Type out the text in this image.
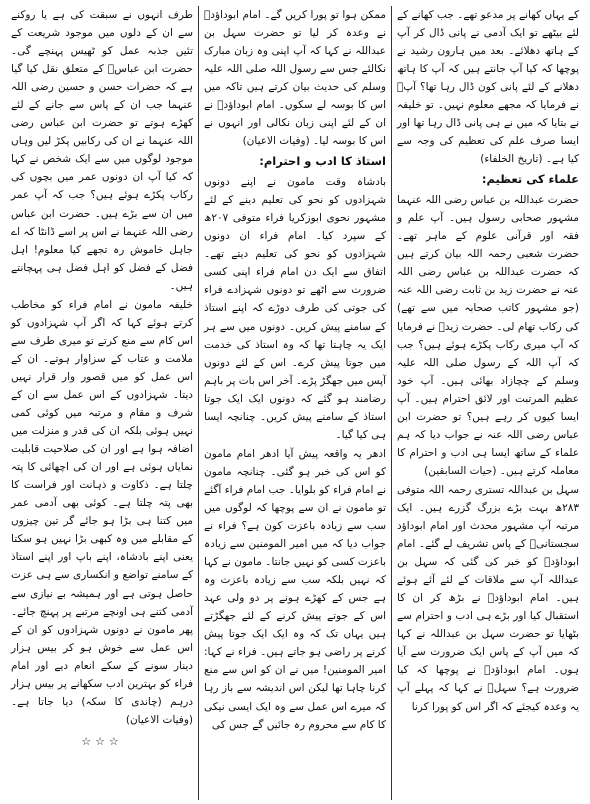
کے یہاں کھانے پر مدعو تھے۔ جب کھانے کے لئے بیٹھے تو ایک آدمی نے پانی ڈال کر آپ کے ہاتھ دھلائے۔ بعد میں ہارون رشید نے پوچھا کہ کیا آپ جانتے ہیں کہ آپ کا ہاتھ دھلانے کے لئے پانی کون ڈال رہا تھا؟ آپؒ نے فرمایا کہ مجھے معلوم نہیں۔ تو خلیفہ نے بتایا کہ میں نے ہی پانی ڈال رہا تھا اور ایسا صرف علم کی تعظیم کی وجہ سے کیا ہے۔ (تاریخ الخلفاء)

علماء کی تعظیم:

حضرت عبداللہ بن عباس رضی اللہ عنہما مشہور صحابی رسول ہیں۔ آپ علم و فقہ اور قرآنی علوم کے ماہر تھے۔ حضرت شعبی رحمہ اللہ بیان کرتے ہیں کہ حضرت عبداللہ بن عباس رضی اللہ عنہ نے حضرت زید بن ثابت رضی اللہ عنہ (جو مشہور کاتب صحابہ میں سے تھے) کی رکاب تھام لی۔ حضرت زیدؓ نے فرمایا کہ آپ میری رکاب پکڑے ہوئے ہیں؟ جب کہ آپ اللہ کے رسول صلی اللہ علیہ وسلم کے چچازاد بھائی ہیں۔ آپ خود عظیم المرتبت اور لائق احترام ہیں۔ آپ ایسا کیوں کر رہے ہیں؟ تو حضرت ابن عباس رضی اللہ عنہ نے جواب دیا کہ ہم علماء کے ساتھ ایسا ہی ادب و احترام کا معاملہ کرتے ہیں۔ (حیات السابقین)

سہل بن عبداللہ تستری رحمہ اللہ متوفی ۲۸۳ھ بہت بڑے بزرگ گزرے ہیں۔ ایک مرتبہ آپ مشہور محدث اور امام ابوداؤد سجستانیؒ کے پاس تشریف لے گئے۔ امام ابوداؤدؒ کو خبر کی گئی کہ سہل بن عبداللہ آپ سے ملاقات کے لئے آئے ہوئے ہیں۔ امام ابوداؤدؒ نے بڑھ کر ان کا استقبال کیا اور بڑے ہی ادب و احترام سے بٹھایا تو حضرت سہل بن عبداللہ نے کہا کہ میں آپ کے پاس ایک ضرورت سے آیا ہوں۔ امام ابوداؤدؒ نے پوچھا کہ کیا ضرورت ہے؟ سہلؒ نے کہا کہ پہلے آپ یہ وعدہ کیجئے کہ اگر اس کو پورا کرنا

ممکن ہوا تو پورا کریں گے۔ امام ابوداؤدؒ نے وعدہ کر لیا تو حضرت سہل بن عبداللہ نے کہا کہ آپ اپنی وہ زبان مبارک نکالئے جس سے رسول اللہ صلی اللہ علیہ وسلم کی حدیث بیان کرتے ہیں تاکہ میں اس کا بوسہ لے سکوں۔ امام ابوداؤدؒ نے ان کے لئے اپنی زبان نکالی اور انہوں نے اس کا بوسہ لیا۔ (وفیات الاعیان)

استاذ کا ادب و احترام:

بادشاہ وقت مامون نے اپنے دونوں شہزادوں کو نحو کی تعلیم دینے کے لئے مشہور نحوی ابوزکریا فراء متوفی ۲۰۷ھ کے سپرد کیا۔ امام فراء ان دونوں شہزادوں کو نحو کی تعلیم دیتے تھے۔ اتفاق سے ایک دن امام فراء اپنی کسی ضرورت سے اٹھے تو دونوں شہزادے فراء کی جوتی کی طرف دوڑے کہ اپنے استاذ کے سامنے پیش کریں۔ دونوں میں سے ہر ایک یہ چاہتا تھا کہ وہ استاذ کی خدمت میں جوتا پیش کرے۔ اس کے لئے دونوں آپس میں جھگڑ پڑے۔ آخر اس بات پر باہم رضامند ہو گئے کہ دونوں ایک ایک جوتا استاذ کے سامنے پیش کریں۔ چنانچہ ایسا ہی کیا گیا۔

ادھر یہ واقعہ پیش آیا ادھر امام مامون کو اس کی خبر ہو گئی۔ چنانچہ مامون نے امام فراء کو بلوایا۔ جب امام فراء آگئے تو مامون نے ان سے پوچھا کہ لوگوں میں سب سے زیادہ باعزت کون ہے؟ فراء نے جواب دیا کہ میں امیر المومنین سے زیادہ باعزت کسی کو نہیں جانتا۔ مامون نے کہا کہ نہیں بلکہ سب سے زیادہ باعزت وہ ہے جس کے کھڑے ہونے پر دو ولی عہد اس کے جوتے پیش کرنے کے لئے جھگڑتے ہیں یہاں تک کہ وہ ایک ایک جوتا پیش کرنے پر راضی ہو جاتے ہیں۔ فراء نے کہا: امیر المومنین! میں نے ان کو اس سے منع کرنا چاہا تھا لیکن اس اندیشہ سے باز رہا کہ میرے اس عمل سے وہ ایک ایسی نیکی کا کام سے محروم رہ جائیں گے جس کی

طرف انہوں نے سبقت کی ہے یا روکنے سے ان کے دلوں میں موجود شریعت کے تئیں جذبہ عمل کو ٹھیس پہنچے گی۔ حضرت ابن عباسؓ کے متعلق نقل کیا گیا ہے کہ حضرات حسن و حسین رضی اللہ عنہما جب ان کے پاس سے جانے کے لئے کھڑے ہوتے تو حضرت ابن عباس رضی اللہ عنہما نے ان کی رکابیں پکڑ لیں وہاں موجود لوگوں میں سے ایک شخص نے کہا کہ کیا آپ ان دونوں عمر میں بچوں کی رکاب پکڑے ہوئے ہیں؟ جب کہ آپ عمر میں ان سے بڑے ہیں۔ حضرت ابن عباس رضی اللہ عنہما نے اس پر اسے ڈانٹا کہ اے جاہل خاموش رہ تجھے کیا معلوم! اہل فضل کے فضل کو اہل فضل ہی پہچانتے ہیں۔

خلیفہ مامون نے امام فراء کو مخاطب کرتے ہوئے کہا کہ اگر آپ شہزادوں کو اس کام سے منع کرتے تو میری طرف سے ملامت و عتاب کے سزاوار ہوتے۔ ان کے اس عمل کو میں قصور وار قرار نہیں دیتا۔ شہزادوں کے اس عمل سے ان کے شرف و مقام و مرتبہ میں کوئی کمی نہیں ہوئی بلکہ ان کی قدر و منزلت میں اضافہ ہوا ہے اور ان کی صلاحیت قابلیت نمایاں ہوئی ہے اور ان کی اچھائی کا پتہ چلتا ہے۔ ذکاوت و ذہانت اور فراست کا بھی پتہ چلتا ہے۔ کوئی بھی آدمی عمر میں کتنا ہی بڑا ہو جائے گر تین چیزوں کے مقابلے میں وہ کبھی بڑا نہیں ہو سکتا یعنی اپنے بادشاہ، اپنے باپ اور اپنے استاذ کے سامنے تواضع و انکساری سے ہی عزت حاصل ہوتی ہے اور ہمیشہ بے نیازی سے آدمی کتنے ہی اونچے مرتبے پر پہنچ جائے۔ پھر مامون نے دونوں شہزادوں کو ان کے اس عمل سے خوش ہو کر بیس ہزار دینار سونے کے سکے انعام دیے اور امام فراء کو بہترین ادب سکھانے پر بیس ہزار درہم (چاندی کا سکہ) دیا جاتا ہے۔ (وفیات الاعیان)

☆☆☆
